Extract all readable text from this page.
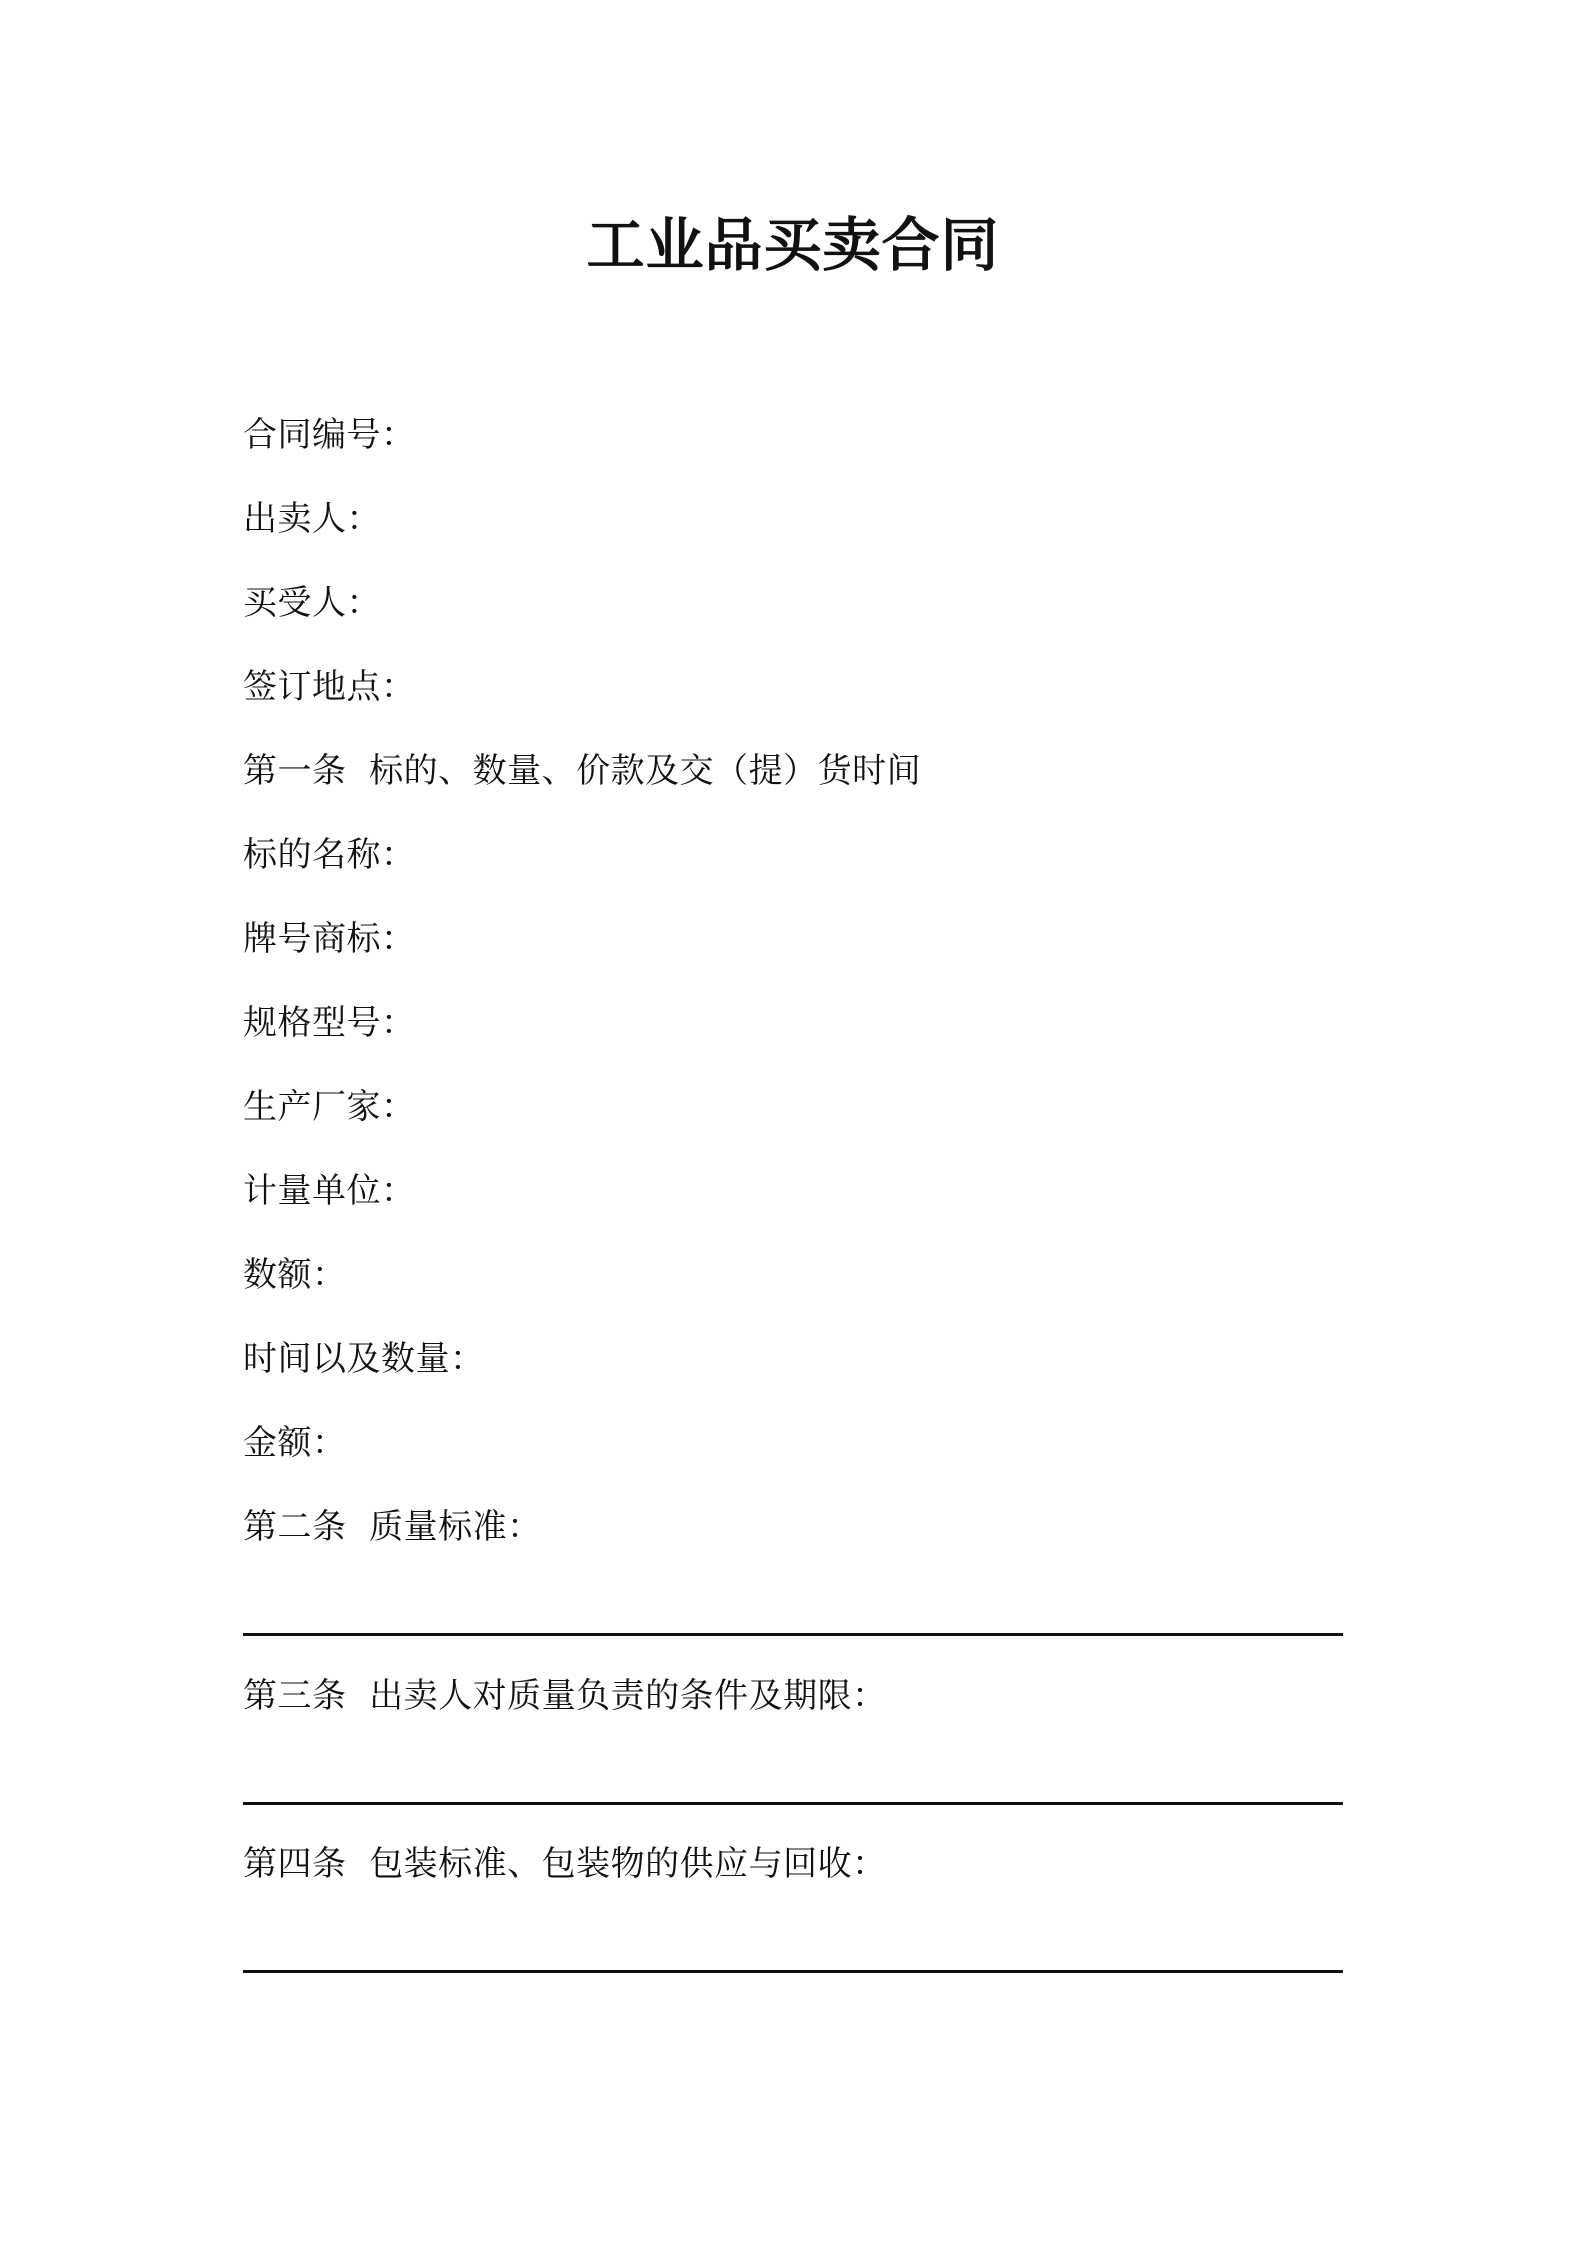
工业品买卖合同
合同编号：
出卖人：
买受人：
签订地点：
第一条  标的、数量、价款及交（提）货时间
标的名称：
牌号商标：
规格型号：
生产厂家：
计量单位：
数额：
时间以及数量：
金额：
第二条  质量标准：
第三条  出卖人对质量负责的条件及期限：
第四条  包装标准、包装物的供应与回收：
